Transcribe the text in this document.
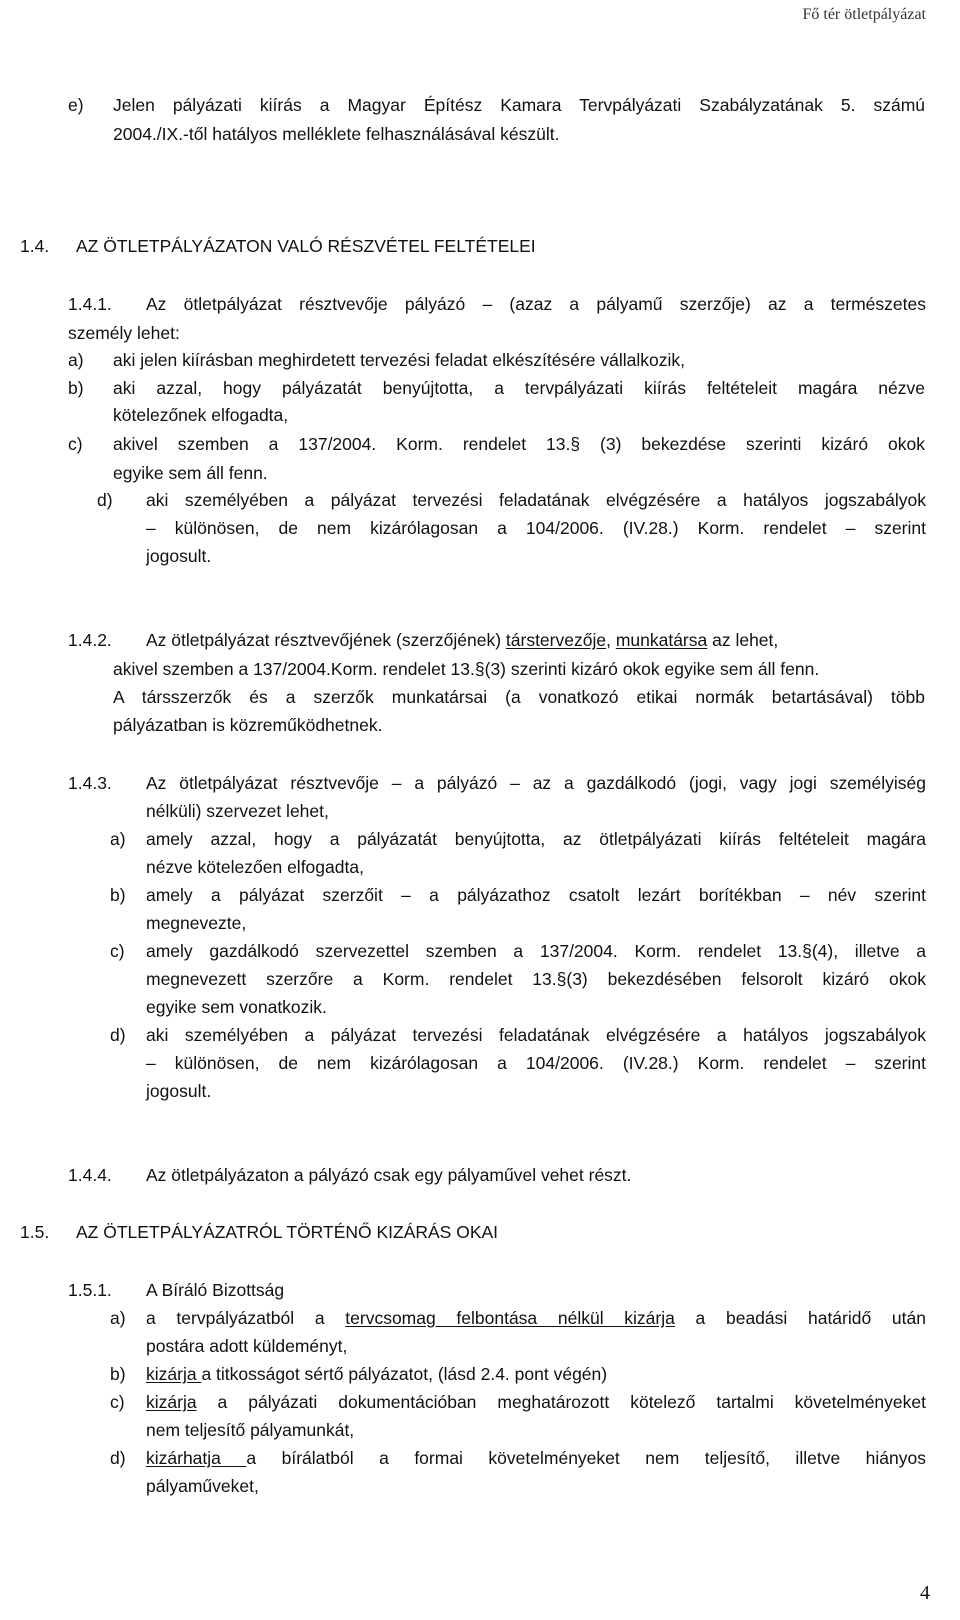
Fő tér ötletpályázat
e) Jelen pályázati kiírás a Magyar Építész Kamara Tervpályázati Szabályzatának 5. számú
2004./IX.-től hatályos melléklete felhasználásával készült.
1.4. AZ ÖTLETPÁLYÁZATON VALÓ RÉSZVÉTEL FELTÉTELEI
1.4.1. Az ötletpályázat résztvevője pályázó – (azaz a pályamű szerzője) az a természetes
személy lehet:
a) aki jelen kiírásban meghirdetett tervezési feladat elkészítésére vállalkozik,
b) aki azzal, hogy pályázatát benyújtotta, a tervpályázati kiírás feltételeit magára nézve
kötelezőnek elfogadta,
c) akivel szemben a 137/2004. Korm. rendelet 13.§ (3) bekezdése szerinti kizáró okok
egyike sem áll fenn.
d) aki személyében a pályázat tervezési feladatának elvégzésére a hatályos jogszabályok
– különösen, de nem kizárólagosan a 104/2006. (IV.28.) Korm. rendelet – szerint
jogosult.
1.4.2. Az ötletpályázat résztvevőjének (szerzőjének) társtervezője, munkatársa az lehet,
akivel szemben a 137/2004.Korm. rendelet 13.§(3) szerinti kizáró okok egyike sem áll fenn.
A társszerzők és a szerzők munkatársai (a vonatkozó etikai normák betartásával) több
pályázatban is közreműködhetnek.
1.4.3. Az ötletpályázat résztvevője – a pályázó – az a gazdálkodó (jogi, vagy jogi személyiség
nélküli) szervezet lehet,
a) amely azzal, hogy a pályázatát benyújtotta, az ötletpályázati kiírás feltételeit magára
nézve kötelezően elfogadta,
b) amely a pályázat szerzőit – a pályázathoz csatolt lezárt borítékban – név szerint
megnevezte,
c) amely gazdálkodó szervezettel szemben a 137/2004. Korm. rendelet 13.§(4), illetve a
megnevezett szerzőre a Korm. rendelet 13.§(3) bekezdésében felsorolt kizáró okok
egyike sem vonatkozik.
d) aki személyében a pályázat tervezési feladatának elvégzésére a hatályos jogszabályok
– különösen, de nem kizárólagosan a 104/2006. (IV.28.) Korm. rendelet – szerint
jogosult.
1.4.4. Az ötletpályázaton a pályázó csak egy pályaművel vehet részt.
1.5. AZ ÖTLETPÁLYÁZATRÓL TÖRTÉNŐ KIZÁRÁS OKAI
1.5.1. A Bíráló Bizottság
a) a tervpályázatból a tervcsomag felbontása nélkül kizárja a beadási határidő után
postára adott küldeményt,
b) kizárja a titkosságot sértő pályázatot, (lásd 2.4. pont végén)
c) kizárja a pályázati dokumentációban meghatározott kötelező tartalmi követelményeket
nem teljesítő pályamunkát,
d) kizárhatja a bírálatból a formai követelményeket nem teljesítő, illetve hiányos
pályaműveket,
4
